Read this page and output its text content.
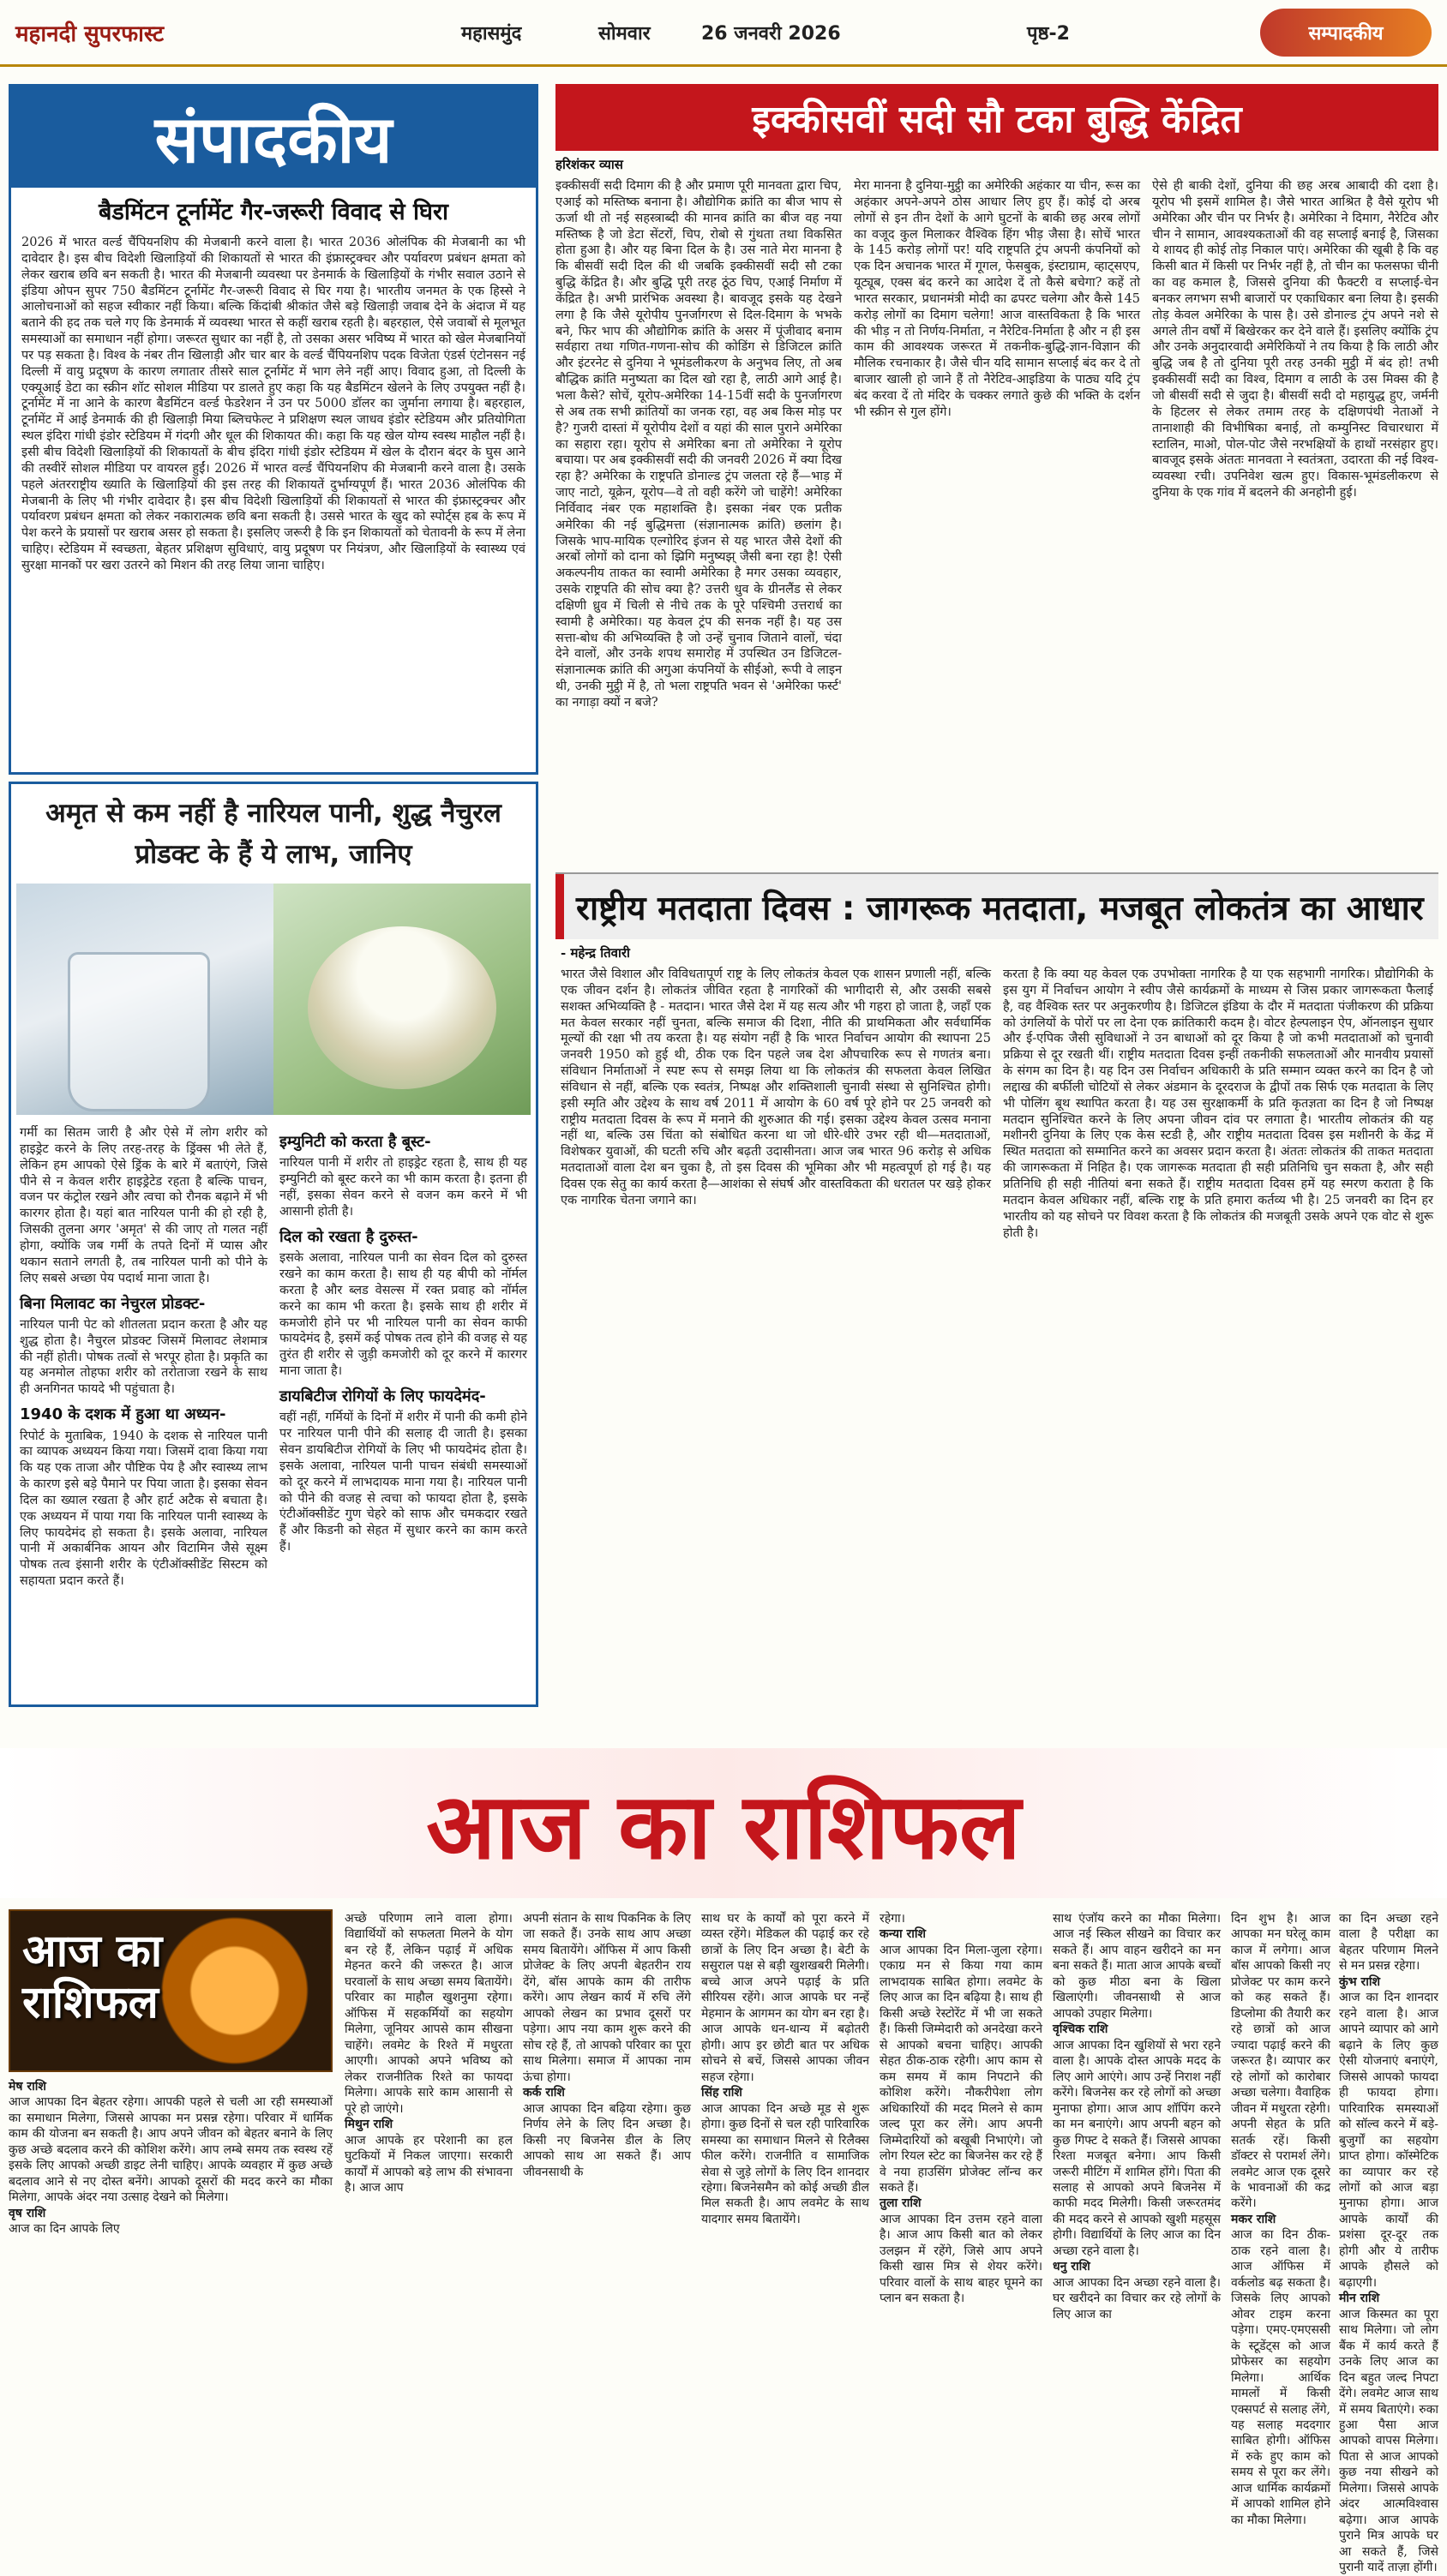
महानदी सुपरफास्ट	महासमुंद	सोमवार	26 जनवरी 2026	पृष्ठ-2	सम्पादकीय
संपादकीय
बैडमिंटन टूर्नामेंट गैर-जरूरी विवाद से घिरा
2026 में भारत वर्ल्ड चैंपियनशिप की मेजबानी करने वाला है। भारत 2036 ओलंपिक की मेजबानी का भी दावेदार है। इस बीच विदेशी खिलाड़ियों की शिकायतों से भारत की इंफ्रास्ट्रक्चर और पर्यावरण प्रबंधन क्षमता को लेकर खराब छवि बन सकती है। भारत की मेजबानी व्यवस्था पर डेनमार्क के खिलाड़ियों के गंभीर सवाल उठाने से इंडिया ओपन सुपर 750 बैडमिंटन टूर्नामेंट गैर-जरूरी विवाद से घिर गया है। भारतीय जनमत के एक हिस्से ने आलोचनाओं को सहज स्वीकार नहीं किया। बल्कि किंदांबी श्रीकांत जैसे बड़े खिलाड़ी जवाब देने के अंदाज में यह बताने की हद तक चले गए कि डेनमार्क में व्यवस्था भारत से कहीं खराब रहती है। बहरहाल, ऐसे जवाबों से मूलभूत समस्याओं का समाधान नहीं होगा। जरूरत सुधार का नहीं है, तो उसका असर भविष्य में भारत को खेल मेजबानियों पर पड़ सकता है। विश्व के नंबर तीन खिलाड़ी और चार बार के वर्ल्ड चैंपियनशिप पदक विजेता एंडर्स एंटोनसन नई दिल्ली में वायु प्रदूषण के कारण लगातार तीसरे साल टूर्नामेंट में भाग लेने नहीं आए। विवाद हुआ, तो दिल्ली के एक्यूआई डेटा का स्क्रीन शॉट सोशल मीडिया पर डालते हुए कहा कि यह बैडमिंटन खेलने के लिए उपयुक्त नहीं है। टूर्नामेंट में ना आने के कारण बैडमिंटन वर्ल्ड फेडरेशन ने उन पर 5000 डॉलर का जुर्माना लगाया है। बहरहाल, टूर्नामेंट में आई डेनमार्क की ही खिलाड़ी मिया ब्लिचफेल्ट ने प्रशिक्षण स्थल जाधव इंडोर स्टेडियम और प्रतियोगिता स्थल इंदिरा गांधी इंडोर स्टेडियम में गंदगी और धूल की शिकायत की। कहा कि यह खेल योग्य स्वस्थ माहौल नहीं है। इसी बीच विदेशी खिलाड़ियों की शिकायतों के बीच इंदिरा गांधी इंडोर स्टेडियम में खेल के दौरान बंदर के घुस आने की तस्वीरें सोशल मीडिया पर वायरल हुईं। 2026 में भारत वर्ल्ड चैंपियनशिप की मेजबानी करने वाला है। उसके पहले अंतरराष्ट्रीय ख्याति के खिलाड़ियों की इस तरह की शिकायतें दुर्भाग्यपूर्ण हैं। भारत 2036 ओलंपिक की मेजबानी के लिए भी गंभीर दावेदार है। इस बीच विदेशी खिलाड़ियों की शिकायतों से भारत की इंफ्रास्ट्रक्चर और पर्यावरण प्रबंधन क्षमता को लेकर नकारात्मक छवि बना सकती है। उससे भारत के खुद को स्पोर्ट्स हब के रूप में पेश करने के प्रयासों पर खराब असर हो सकता है। इसलिए जरूरी है कि इन शिकायतों को चेतावनी के रूप में लेना चाहिए। स्टेडियम में स्वच्छता, बेहतर प्रशिक्षण सुविधाएं, वायु प्रदूषण पर नियंत्रण, और खिलाड़ियों के स्वास्थ्य एवं सुरक्षा मानकों पर खरा उतरने को मिशन की तरह लिया जाना चाहिए।
अमृत से कम नहीं है नारियल पानी, शुद्ध नैचुरल प्रोडक्ट के हैं ये लाभ, जानिए

गर्मी का सितम जारी है और ऐसे में लोग शरीर को हाइड्रेट करने के लिए तरह-तरह के ड्रिंक्स भी लेते हैं, लेकिन हम आपको ऐसे ड्रिंक के बारे में बताएंगे, जिसे पीने से न केवल शरीर हाइड्रेटेड रहता है बल्कि पाचन, वजन पर कंट्रोल रखने और त्वचा को रौनक बढ़ाने में भी कारगर होता है। यहां बात नारियल पानी की हो रही है, जिसकी तुलना अगर 'अमृत' से की जाए तो गलत नहीं होगा, क्योंकि जब गर्मी के तपते दिनों में प्यास और थकान सताने लगती है, तब नारियल पानी को पीने के लिए सबसे अच्छा पेय पदार्थ माना जाता है।

बिना मिलावट का नेचुरल प्रोडक्ट-

नारियल पानी पेट को शीतलता प्रदान करता है और यह शुद्ध होता है। नैचुरल प्रोडक्ट जिसमें मिलावट लेशमात्र की नहीं होती। पोषक तत्वों से भरपूर होता है। प्रकृति का यह अनमोल तोहफा शरीर को तरोताजा रखने के साथ ही अनगिनत फायदे भी पहुंचाता है।

1940 के दशक में हुआ था अध्यन-

रिपोर्ट के मुताबिक, 1940 के दशक से नारियल पानी का व्यापक अध्ययन किया गया। जिसमें दावा किया गया कि यह एक ताजा और पौष्टिक पेय है और स्वास्थ्य लाभ के कारण इसे बड़े पैमाने पर पिया जाता है। इसका सेवन दिल का ख्याल रखता है और हार्ट अटैक से बचाता है। एक अध्ययन में पाया गया कि नारियल पानी स्वास्थ्य के लिए फायदेमंद हो सकता है। इसके अलावा, नारियल पानी में अकार्बनिक आयन और विटामिन जैसे सूक्ष्म पोषक तत्व इंसानी शरीर के एंटीऑक्सीडेंट सिस्टम को सहायता प्रदान करते हैं।

इम्युनिटी को करता है बूस्ट-

नारियल पानी में शरीर तो हाइड्रेट रहता है, साथ ही यह इम्युनिटी को बूस्ट करने का भी काम करता है। इतना ही नहीं, इसका सेवन करने से वजन कम करने में भी आसानी होती है।

दिल को रखता है दुरुस्त-

इसके अलावा, नारियल पानी का सेवन दिल को दुरुस्त रखने का काम करता है। साथ ही यह बीपी को नॉर्मल करता है और ब्लड वेसल्स में रक्त प्रवाह को नॉर्मल करने का काम भी करता है। इसके साथ ही शरीर में कमजोरी होने पर भी नारियल पानी का सेवन काफी फायदेमंद है, इसमें कई पोषक तत्व होने की वजह से यह तुरंत ही शरीर से जुड़ी कमजोरी को दूर करने में कारगर माना जाता है।

डायबिटीज रोगियों के लिए फायदेमंद-

वहीं नहीं, गर्मियों के दिनों में शरीर में पानी की कमी होने पर नारियल पानी पीने की सलाह दी जाती है। इसका सेवन डायबिटीज रोगियों के लिए भी फायदेमंद होता है। इसके अलावा, नारियल पानी पाचन संबंधी समस्याओं को दूर करने में लाभदायक माना गया है। नारियल पानी को पीने की वजह से त्वचा को फायदा होता है, इसके एंटीऑक्सीडेंट गुण चेहरे को साफ और चमकदार रखते हैं और किडनी को सेहत में सुधार करने का काम करते हैं।

इक्कीसवीं सदी सौ टका बुद्धि केंद्रित
हरिशंकर व्यास
इक्कीसवीं सदी दिमाग की है और प्रमाण पूरी मानवता द्वारा चिप, एआई को मस्तिष्क बनाना है। औद्योगिक क्रांति का बीज भाप से ऊर्जा थी तो नई सहस्त्राब्दी की मानव क्रांति का बीज वह नया मस्तिष्क है जो डेटा सेंटरों, चिप, रोबो से गुंथता तथा विकसित होता हुआ है। और यह बिना दिल के है। उस नाते मेरा मानना है कि बीसवीं सदी दिल की थी जबकि इक्कीसवीं सदी सौ टका बुद्धि केंद्रित है। और बुद्धि पूरी तरह ठूंठ चिप, एआई निर्माण में केंद्रित है। अभी प्रारंभिक अवस्था है। बावजूद इसके यह देखने लगा है कि जैसे यूरोपीय पुनर्जागरण से दिल-दिमाग के भभके बने, फिर भाप की औद्योगिक क्रांति के असर में पूंजीवाद बनाम सर्वहारा तथा गणित-गणना-सोच की कोडिंग से डिजिटल क्रांति और इंटरनेट से दुनिया ने भूमंडलीकरण के अनुभव लिए, तो अब बौद्धिक क्रांति मनुष्यता का दिल खो रहा है, लाठी आगे आई है। भला कैसे? सोचें, यूरोप-अमेरिका 14-15वीं सदी के पुनर्जागरण से अब तक सभी क्रांतियों का जनक रहा, वह अब किस मोड़ पर है? गुजरी दास्तां में यूरोपीय देशों व यहां की साल पुराने अमेरिका का सहारा रहा। यूरोप से अमेरिका बना तो अमेरिका ने यूरोप बचाया। पर अब इक्कीसवीं सदी की जनवरी 2026 में क्या दिख रहा है? अमेरिका के राष्ट्रपति डोनाल्ड ट्रंप जलता रहे हैं—भाड़ में जाए नाटो, यूक्रेन, यूरोप—वे तो वही करेंगे जो चाहेंगे! अमेरिका निर्विवाद नंबर एक महाशक्ति है। इसका नंबर एक प्रतीक अमेरिका की नई बुद्धिमत्ता (संज्ञानात्मक क्रांति) छलांग है। जिसके भाप-मायिक एल्गोरिद इंजन से यह भारत जैसे देशों की अरबों लोगों को दाना को झ्रिगि मनुष्यझ् जैसी बना रहा है! ऐसी अकल्पनीय ताकत का स्वामी अमेरिका है मगर उसका व्यवहार, उसके राष्ट्रपति की सोच क्या है? उत्तरी धुव के ग्रीनलैंड से लेकर दक्षिणी ध्रुव में चिली से नीचे तक के पूरे पश्चिमी उत्तरार्ध का स्वामी है अमेरिका। यह केवल ट्रंप की सनक नहीं है। यह उस सत्ता-बोध की अभिव्यक्ति है जो उन्हें चुनाव जिताने वालों, चंदा देने वालों, और उनके शपथ समारोह में उपस्थित उन डिजिटल-संज्ञानात्मक क्रांति की अगुआ कंपनियों के सीईओ, रूपी वे लाइन थी, उनकी मुट्ठी में है, तो भला राष्ट्रपति भवन से 'अमेरिका फर्स्ट' का नगाड़ा क्यों न बजे?
मेरा मानना है दुनिया-मुट्ठी का अमेरिकी अहंकार या चीन, रूस का अहंकार अपने-अपने ठोस आधार लिए हुए हैं। कोई दो अरब लोगों से इन तीन देशों के आगे घुटनों के बाकी छह अरब लोगों का वजूद कुल मिलाकर वैश्विक हिंग भीड़ जैसा है। सोचें भारत के 145 करोड़ लोगों पर! यदि राष्ट्रपति ट्रंप अपनी कंपनियों को एक दिन अचानक भारत में गूगल, फेसबुक, इंस्टाग्राम, व्हाट्सएप, यूट्यूब, एक्स बंद करने का आदेश दें तो कैसे बचेगा? कहें तो भारत सरकार, प्रधानमंत्री मोदी का ढपरट चलेगा और कैसे 145 करोड़ लोगों का दिमाग चलेगा! आज वास्तविकता है कि भारत की भीड़ न तो निर्णय-निर्माता, न नैरेटिव-निर्माता है और न ही इस काम की आवश्यक जरूरत में तकनीक-बुद्धि-ज्ञान-विज्ञान की मौलिक रचनाकार है। जैसे चीन यदि सामान सप्लाई बंद कर दे तो बाजार खाली हो जाने हैं तो नैरेटिव-आइडिया के पाठ्य यदि ट्रंप बंद करवा दें तो मंदिर के चक्कर लगाते कुछे की भक्ति के दर्शन भी स्क्रीन से गुल होंगे।
ऐसे ही बाकी देशों, दुनिया की छह अरब आबादी की दशा है। यूरोप भी इसमें शामिल है। जैसे भारत आश्रित है वैसे यूरोप भी अमेरिका और चीन पर निर्भर है। अमेरिका ने दिमाग, नैरेटिव और चीन ने सामान, आवश्यकताओं की वह सप्लाई बनाई है, जिसका ये शायद ही कोई तोड़ निकाल पाएं। अमेरिका की खूबी है कि वह किसी बात में किसी पर निर्भर नहीं है, तो चीन का फलसफा चीनी का वह कमाल है, जिससे दुनिया की फैक्टरी व सप्लाई-चेन बनकर लगभग सभी बाजारों पर एकाधिकार बना लिया है। इसकी तोड़ केवल अमेरिका के पास है। उसे डोनाल्ड ट्रंप अपने नशे से अगले तीन वर्षों में बिखेरकर कर देने वाले हैं। इसलिए क्योंकि ट्रंप और उनके अनुदारवादी अमेरिकियों ने तय किया है कि लाठी और बुद्धि जब है तो दुनिया पूरी तरह उनकी मुट्ठी में बंद हो! तभी इक्कीसवीं सदी का विश्व, दिमाग व लाठी के उस मिक्स की है जो बीसवीं सदी से जुदा है। बीसवीं सदी दो महायुद्ध हुए, जर्मनी के हिटलर से लेकर तमाम तरह के दक्षिणपंथी नेताओं ने तानाशाही की विभीषिका बनाई, तो कम्युनिस्ट विचारधारा में स्टालिन, माओ, पोल-पोट जैसे नरभक्षियों के हाथों नरसंहार हुए। बावजूद इसके अंततः मानवता ने स्वतंत्रता, उदारता की नई विश्व-व्यवस्था रची। उपनिवेश खत्म हुए। विकास-भूमंडलीकरण से दुनिया के एक गांव में बदलने की अनहोनी हुई।
राष्ट्रीय मतदाता दिवस : जागरूक मतदाता, मजबूत लोकतंत्र का आधार
- महेन्द्र तिवारी
भारत जैसे विशाल और विविधतापूर्ण राष्ट्र के लिए लोकतंत्र केवल एक शासन प्रणाली नहीं, बल्कि एक जीवन दर्शन है। लोकतंत्र जीवित रहता है नागरिकों की भागीदारी से, और उसकी सबसे सशक्त अभिव्यक्ति है - मतदान। भारत जैसे देश में यह सत्य और भी गहरा हो जाता है, जहाँ एक मत केवल सरकार नहीं चुनता, बल्कि समाज की दिशा, नीति की प्राथमिकता और सर्वधार्मिक मूल्यों की रक्षा भी तय करता है। यह संयोग नहीं है कि भारत निर्वाचन आयोग की स्थापना 25 जनवरी 1950 को हुई थी, ठीक एक दिन पहले जब देश औपचारिक रूप से गणतंत्र बना। संविधान निर्माताओं ने स्पष्ट रूप से समझ लिया था कि लोकतंत्र की सफलता केवल लिखित संविधान से नहीं, बल्कि एक स्वतंत्र, निष्पक्ष और शक्तिशाली चुनावी संस्था से सुनिश्चित होगी। इसी स्मृति और उद्देश्य के साथ वर्ष 2011 में आयोग के 60 वर्ष पूरे होने पर 25 जनवरी को राष्ट्रीय मतदाता दिवस के रूप में मनाने की शुरुआत की गई। इसका उद्देश्य केवल उत्सव मनाना नहीं था, बल्कि उस चिंता को संबोधित करना था जो धीरे-धीरे उभर रही थी—मतदाताओं, विशेषकर युवाओं, की घटती रुचि और बढ़ती उदासीनता। आज जब भारत 96 करोड़ से अधिक मतदाताओं वाला देश बन चुका है, तो इस दिवस की भूमिका और भी महत्वपूर्ण हो गई है। यह दिवस एक सेतु का कार्य करता है—आशंका से संघर्ष और वास्तविकता की धरातल पर खड़े होकर एक नागरिक चेतना जगाने का।
करता है कि क्या यह केवल एक उपभोक्ता नागरिक है या एक सहभागी नागरिक। प्रौद्योगिकी के इस युग में निर्वाचन आयोग ने स्वीप जैसे कार्यक्रमों के माध्यम से जिस प्रकार जागरूकता फैलाई है, वह वैश्विक स्तर पर अनुकरणीय है। डिजिटल इंडिया के दौर में मतदाता पंजीकरण की प्रक्रिया को उंगलियों के पोरों पर ला देना एक क्रांतिकारी कदम है। वोटर हेल्पलाइन ऐप, ऑनलाइन सुधार और ई-एपिक जैसी सुविधाओं ने उन बाधाओं को दूर किया है जो कभी मतदाताओं को चुनावी प्रक्रिया से दूर रखती थीं। राष्ट्रीय मतदाता दिवस इन्हीं तकनीकी सफलताओं और मानवीय प्रयासों के संगम का दिन है। यह दिन उस निर्वाचन अधिकारी के प्रति सम्मान व्यक्त करने का दिन है जो लद्दाख की बर्फीली चोटियों से लेकर अंडमान के दूरदराज के द्वीपों तक सिर्फ एक मतदाता के लिए भी पोलिंग बूथ स्थापित करता है। यह उस सुरक्षाकर्मी के प्रति कृतज्ञता का दिन है जो निष्पक्ष मतदान सुनिश्चित करने के लिए अपना जीवन दांव पर लगाता है। भारतीय लोकतंत्र की यह मशीनरी दुनिया के लिए एक केस स्टडी है, और राष्ट्रीय मतदाता दिवस इस मशीनरी के केंद्र में स्थित मतदाता को सम्मानित करने का अवसर प्रदान करता है। अंततः लोकतंत्र की ताकत मतदाता की जागरूकता में निहित है। एक जागरूक मतदाता ही सही प्रतिनिधि चुन सकता है, और सही प्रतिनिधि ही सही नीतियां बना सकते हैं। राष्ट्रीय मतदाता दिवस हमें यह स्मरण कराता है कि मतदान केवल अधिकार नहीं, बल्कि राष्ट्र के प्रति हमारा कर्तव्य भी है। 25 जनवरी का दिन हर भारतीय को यह सोचने पर विवश करता है कि लोकतंत्र की मजबूती उसके अपने एक वोट से शुरू होती है।
आज का राशिफल
मेष राशि
आज आपका दिन बेहतर रहेगा। आपकी पहले से चली आ रही समस्याओं का समाधान मिलेगा, जिससे आपका मन प्रसन्न रहेगा। परिवार में धार्मिक काम की योजना बन सकती है। आप अपने जीवन को बेहतर बनाने के लिए कुछ अच्छे बदलाव करने की कोशिश करेंगे। आप लम्बे समय तक स्वस्थ रहें इसके लिए आपको अच्छी डाइट लेनी चाहिए। आपके व्यवहार में कुछ अच्छे बदलाव आने से नए दोस्त बनेंगे। आपको दूसरों की मदद करने का मौका मिलेगा, आपके अंदर नया उत्साह देखने को मिलेगा।
वृष राशि
आज का दिन आपके लिए
अच्छे परिणाम लाने वाला होगा। विद्यार्थियों को सफलता मिलने के योग बन रहे हैं, लेकिन पढ़ाई में अधिक मेहनत करने की जरूरत है। आज घरवालों के साथ अच्छा समय बितायेंगे। परिवार का माहौल खुशनुमा रहेगा। ऑफिस में सहकर्मियों का सहयोग मिलेगा, जूनियर आपसे काम सीखना चाहेंगे। लवमेट के रिश्ते में मधुरता आएगी। आपको अपने भविष्य को लेकर राजनीतिक रिश्ते का फायदा मिलेगा। आपके सारे काम आसानी से पूरे हो जाएंगे।
मिथुन राशि
आज आपके हर परेशानी का हल घुटकियों में निकल जाएगा। सरकारी कार्यों में आपको बड़े लाभ की संभावना है। आज आप
अपनी संतान के साथ पिकनिक के लिए जा सकते हैं। उनके साथ आप अच्छा समय बितायेंगे। ऑफिस में आप किसी प्रोजेक्ट के लिए अपनी बेहतरीन राय देंगे, बॉस आपके काम की तारीफ करेंगे। आप लेखन कार्य में रुचि लेंगे आपको लेखन का प्रभाव दूसरों पर पड़ेगा। आप नया काम शुरू करने की सोच रहे हैं, तो आपको परिवार का पूरा साथ मिलेगा। समाज में आपका नाम ऊंचा होगा।
कर्क राशि
आज आपका दिन बढ़िया रहेगा। कुछ निर्णय लेने के लिए दिन अच्छा है। किसी नए बिजनेस डील के लिए आपको साथ आ सकते हैं। आप जीवनसाथी के
साथ घर के कार्यों को पूरा करने में व्यस्त रहेंगे। मेडिकल की पढ़ाई कर रहे छात्रों के लिए दिन अच्छा है। बेटी के ससुराल पक्ष से बड़ी खुशखबरी मिलेगी। बच्चे आज अपने पढ़ाई के प्रति सीरियस रहेंगे। आज आपके घर नन्हें मेहमान के आगमन का योग बन रहा है। आज आपके धन-धान्य में बढ़ोतरी होगी। आप इर छोटी बात पर अधिक सोचने से बचें, जिससे आपका जीवन सहज रहेगा।
सिंह राशि
आज आपका दिन अच्छे मूड से शुरू होगा। कुछ दिनों से चल रही पारिवारिक समस्या का समाधान मिलने से रिलैक्स फील करेंगे। राजनीति व सामाजिक सेवा से जुड़े लोगों के लिए दिन शानदार रहेगा। बिजनेसमैन को कोई अच्छी डील मिल सकती है। आप लवमेट के साथ यादगार समय बितायेंगे।
रहेगा।
कन्या राशि
आज आपका दिन मिला-जुला रहेगा। एकाग्र मन से किया गया काम लाभदायक साबित होगा। लवमेट के लिए आज का दिन बढ़िया है। साथ ही किसी अच्छे रेस्टोरेंट में भी जा सकते हैं। किसी जिम्मेदारी को अनदेखा करने से आपको बचना चाहिए। आपकी सेहत ठीक-ठाक रहेगी। आप काम से कम समय में काम निपटाने की कोशिश करेंगे। नौकरीपेशा लोग अधिकारियों की मदद मिलने से काम जल्द पूरा कर लेंगे। आप अपनी जिम्मेदारियों को बखूबी निभाएंगे। जो लोग रियल स्टेट का बिजनेस कर रहे हैं वे नया हाउसिंग प्रोजेक्ट लॉन्च कर सकते हैं।
तुला राशि
आज आपका दिन उत्तम रहने वाला है। आज आप किसी बात को लेकर उलझन में रहेंगे, जिसे आप अपने किसी खास मित्र से शेयर करेंगे। परिवार वालों के साथ बाहर घूमने का प्लान बन सकता है।
साथ एंजॉय करने का मौका मिलेगा। आज नई स्किल सीखने का विचार कर सकते हैं। आप वाहन खरीदने का मन बना सकते हैं। माता आज आपके बच्चों को कुछ मीठा बना के खिला खिलाएंगी। जीवनसाथी से आज आपको उपहार मिलेगा।
वृश्चिक राशि
आज आपका दिन खुशियों से भरा रहने वाला है। आपके दोस्त आपके मदद के लिए आगे आएंगे। आप उन्हें निराश नहीं करेंगे। बिजनेस कर रहे लोगों को अच्छा मुनाफा होगा। आज आप शॉपिंग करने का मन बनाएंगे। आप अपनी बहन को कुछ गिफ्ट दे सकते हैं। जिससे आपका रिश्ता मजबूत बनेगा। आप किसी जरूरी मीटिंग में शामिल होंगे। पिता की सलाह से आपको अपने बिजनेस में काफी मदद मिलेगी। किसी जरूरतमंद की मदद करने से आपको खुशी महसूस होगी। विद्यार्थियों के लिए आज का दिन अच्छा रहने वाला है।
धनु राशि
आज आपका दिन अच्छा रहने वाला है। घर खरीदने का विचार कर रहे लोगों के लिए आज का
दिन शुभ है। आज आपका मन घरेलू काम काज में लगेगा। आज बॉस आपको किसी नए प्रोजेक्ट पर काम करने को कह सकते हैं। डिप्लोमा की तैयारी कर रहे छात्रों को आज ज्यादा पढ़ाई करने की जरूरत है। व्यापार कर रहे लोगों को कारोबार अच्छा चलेगा। वैवाहिक जीवन में मधुरता रहेगी। अपनी सेहत के प्रति सतर्क रहें। किसी डॉक्टर से परामर्श लेंगे। लवमेट आज एक दूसरे के भावनाओं की कद्र करेंगे।
मकर राशि
आज का दिन ठीक-ठाक रहने वाला है। आज ऑफिस में वर्कलोड बढ़ सकता है। जिसके लिए आपको ओवर टाइम करना पड़ेगा। एमए-एमएससी के स्टूडेंट्स को आज प्रोफेसर का सहयोग मिलेगा। आर्थिक मामलों में किसी एक्सपर्ट से सलाह लेंगे, यह सलाह मददगार साबित होगी। ऑफिस में रुके हुए काम को समय से पूरा कर लेंगे। आज धार्मिक कार्यक्रमों में आपको शामिल होने का मौका मिलेगा।
का दिन अच्छा रहने वाला है परीक्षा का बेहतर परिणाम मिलने से मन प्रसन्न रहेगा।
कुंभ राशि
आज का दिन शानदार रहने वाला है। आज आपने व्यापार को आगे बढ़ाने के लिए कुछ ऐसी योजनाएं बनाएंगे, जिससे आपको फायदा ही फायदा होगा। पारिवारिक समस्याओं को सॉल्व करने में बड़े-बुजुर्गों का सहयोग प्राप्त होगा। कॉस्मेटिक का व्यापार कर रहे लोगों को आज बड़ा मुनाफा होगा। आज आपके कार्यों की प्रशंसा दूर-दूर तक होगी और ये तारीफ आपके हौसले को बढ़ाएगी।
मीन राशि
आज किस्मत का पूरा साथ मिलेगा। जो लोग बैंक में कार्य करते हैं उनके लिए आज का दिन बहुत जल्द निपटा देंगे। लवमेट आज साथ में समय बिताएंगे। रुका हुआ पैसा आज आपको वापस मिलेगा। पिता से आज आपको कुछ नया सीखने को मिलेगा। जिससे आपके अंदर आत्मविश्वास बढ़ेगा। आज आपके पुराने मित्र आपके घर आ सकते हैं, जिसे पुरानी यादें ताज़ा होंगी।
आज का
राशिफल
